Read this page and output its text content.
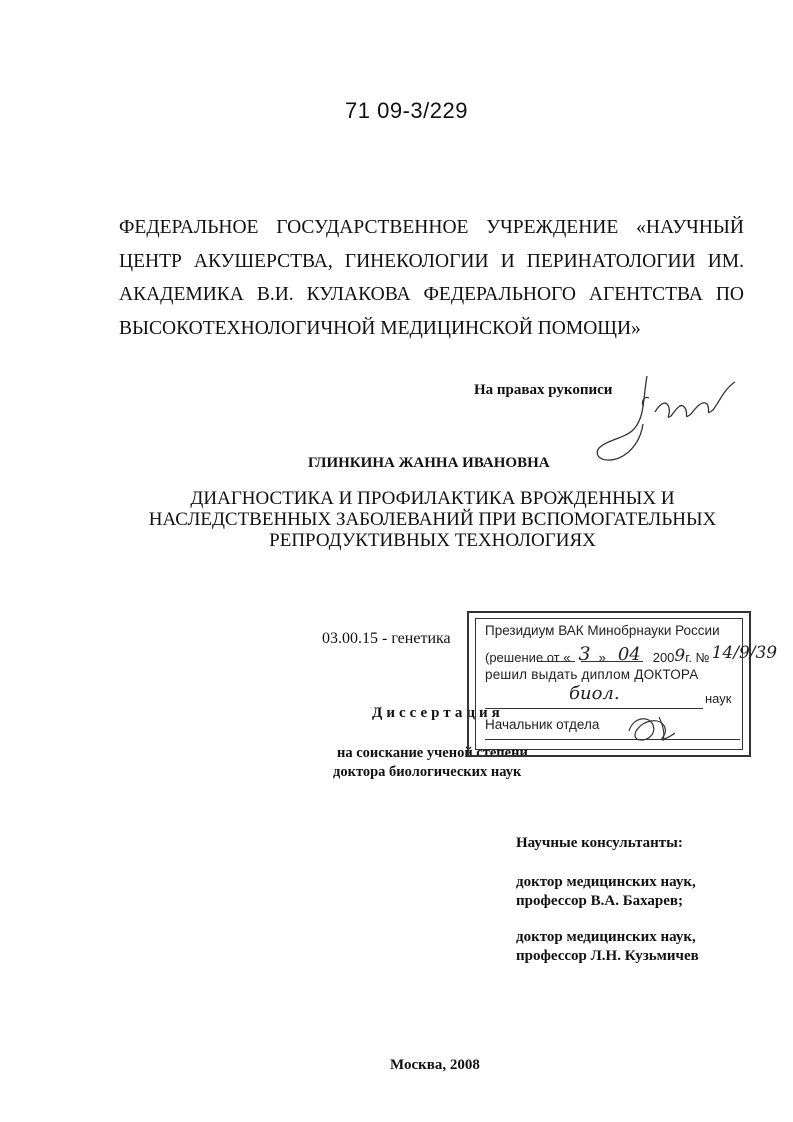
71 09-3/229
ФЕДЕРАЛЬНОЕ ГОСУДАРСТВЕННОЕ УЧРЕЖДЕНИЕ «НАУЧНЫЙ
ЦЕНТР АКУШЕРСТВА, ГИНЕКОЛОГИИ И ПЕРИНАТОЛОГИИ ИМ.
АКАДЕМИКА В.И. КУЛАКОВА ФЕДЕРАЛЬНОГО АГЕНТСТВА ПО
ВЫСОКОТЕХНОЛОГИЧНОЙ МЕДИЦИНСКОЙ ПОМОЩИ»
На правах рукописи
ГЛИНКИНА ЖАННА ИВАНОВНА
ДИАГНОСТИКА И ПРОФИЛАКТИКА ВРОЖДЕННЫХ И
НАСЛЕДСТВЕННЫХ ЗАБОЛЕВАНИЙ ПРИ ВСПОМОГАТЕЛЬНЫХ
РЕПРОДУКТИВНЫХ ТЕХНОЛОГИЯХ
03.00.15 - генетика
Диссертация
на соискание ученой степени
доктора биологических наук
Президиум ВАК Минобрнауки России
(решение от « 3 » 04 2009г. № 14/9/39
решил выдать диплом ДОКТОРА
биол.	наук
Начальник отдела
Научные консультанты:
доктор медицинских наук,
профессор В.А. Бахарев;
доктор медицинских наук,
профессор Л.Н. Кузьмичев
Москва, 2008
